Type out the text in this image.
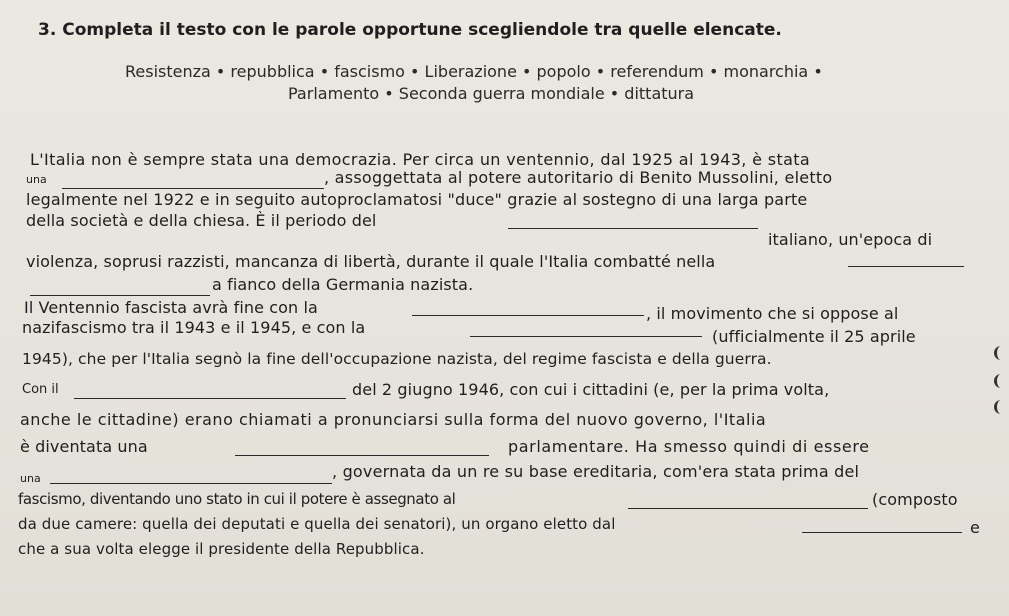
3. Completa il testo con le parole opportune scegliendole tra quelle elencate.
Resistenza • repubblica • fascismo • Liberazione • popolo • referendum • monarchia •
Parlamento • Seconda guerra mondiale • dittatura
L'Italia non è sempre stata una democrazia. Per circa un ventennio, dal 1925 al 1943, è stata
una	, assoggettata al potere autoritario di Benito Mussolini, eletto
legalmente nel 1922 e in seguito autoproclamatosi "duce" grazie al sostegno di una larga parte
della società e della chiesa. È il periodo del
italiano, un'epoca di
violenza, soprusi razzisti, mancanza di libertà, durante il quale l'Italia combatté nella
a fianco della Germania nazista.
Il Ventennio fascista avrà fine con la	, il movimento che si oppose al
nazifascismo tra il 1943 e il 1945, e con la	(ufficialmente il 25 aprile
1945), che per l'Italia segnò la fine dell'occupazione nazista, del regime fascista e della guerra.
Con il	del 2 giugno 1946, con cui i cittadini (e, per la prima volta,
anche le cittadine) erano chiamati a pronunciarsi sulla forma del nuovo governo, l'Italia
è diventata una	parlamentare. Ha smesso quindi di essere
una	, governata da un re su base ereditaria, com'era stata prima del
fascismo, diventando uno stato in cui il potere è assegnato al	(composto
da due camere: quella dei deputati e quella dei senatori), un organo eletto dal	e
che a sua volta elegge il presidente della Repubblica.
